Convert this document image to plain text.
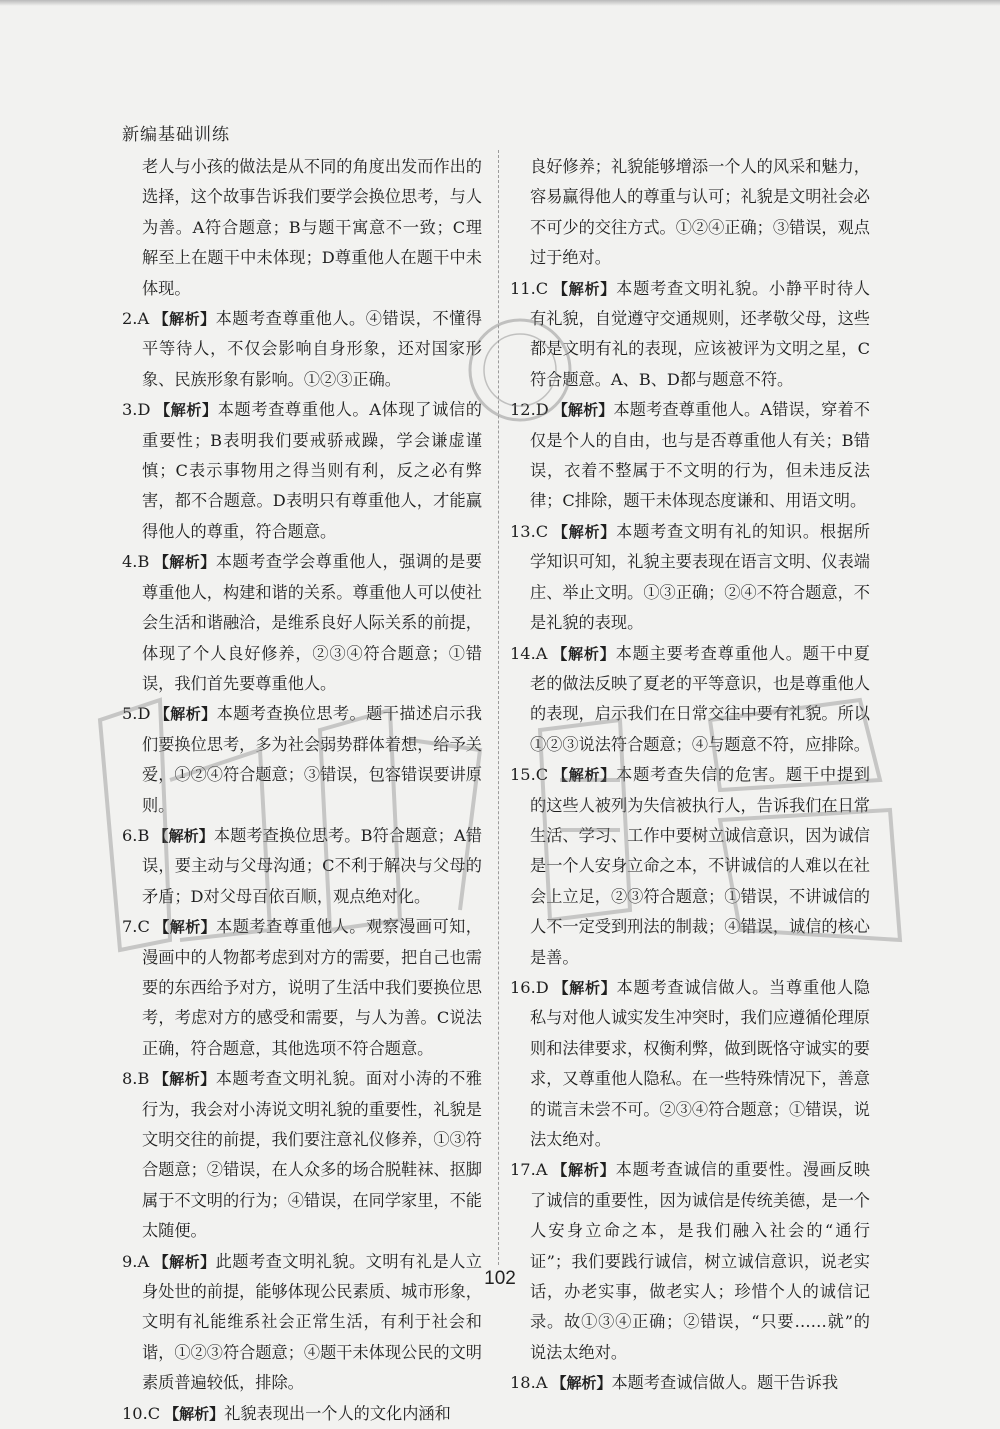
新编基础训练

老人与小孩的做法是从不同的角度出发而作出的选择，这个故事告诉我们要学会换位思考，与人为善。A符合题意；B与题干寓意不一致；C理解至上在题干中未体现；D尊重他人在题干中未体现。

2.A 【解析】本题考查尊重他人。④错误，不懂得平等待人，不仅会影响自身形象，还对国家形象、民族形象有影响。①②③正确。

3.D 【解析】本题考查尊重他人。A体现了诚信的重要性；B表明我们要戒骄戒躁，学会谦虚谨慎；C表示事物用之得当则有利，反之必有弊害，都不合题意。D表明只有尊重他人，才能赢得他人的尊重，符合题意。

4.B 【解析】本题考查学会尊重他人，强调的是要尊重他人，构建和谐的关系。尊重他人可以使社会生活和谐融洽，是维系良好人际关系的前提，体现了个人良好修养，②③④符合题意；①错误，我们首先要尊重他人。

5.D 【解析】本题考查换位思考。题干描述启示我们要换位思考，多为社会弱势群体着想，给予关爱，①②④符合题意；③错误，包容错误要讲原则。

6.B 【解析】本题考查换位思考。B符合题意；A错误，要主动与父母沟通；C不利于解决与父母的矛盾；D对父母百依百顺，观点绝对化。

7.C 【解析】本题考查尊重他人。观察漫画可知，漫画中的人物都考虑到对方的需要，把自己也需要的东西给予对方，说明了生活中我们要换位思考，考虑对方的感受和需要，与人为善。C说法正确，符合题意，其他选项不符合题意。

8.B 【解析】本题考查文明礼貌。面对小涛的不雅行为，我会对小涛说文明礼貌的重要性，礼貌是文明交往的前提，我们要注意礼仪修养，①③符合题意；②错误，在人众多的场合脱鞋袜、抠脚属于不文明的行为；④错误，在同学家里，不能太随便。

9.A 【解析】此题考查文明礼貌。文明有礼是人立身处世的前提，能够体现公民素质、城市形象，文明有礼能维系社会正常生活，有利于社会和谐，①②③符合题意；④题干未体现公民的文明素质普遍较低，排除。

10.C 【解析】礼貌表现出一个人的文化内涵和

良好修养；礼貌能够增添一个人的风采和魅力，容易赢得他人的尊重与认可；礼貌是文明社会必不可少的交往方式。①②④正确；③错误，观点过于绝对。

11.C 【解析】本题考查文明礼貌。小静平时待人有礼貌，自觉遵守交通规则，还孝敬父母，这些都是文明有礼的表现，应该被评为文明之星，C符合题意。A、B、D都与题意不符。

12.D 【解析】本题考查尊重他人。A错误，穿着不仅是个人的自由，也与是否尊重他人有关；B错误，衣着不整属于不文明的行为，但未违反法律；C排除，题干未体现态度谦和、用语文明。

13.C 【解析】本题考查文明有礼的知识。根据所学知识可知，礼貌主要表现在语言文明、仪表端庄、举止文明。①③正确；②④不符合题意，不是礼貌的表现。

14.A 【解析】本题主要考查尊重他人。题干中夏老的做法反映了夏老的平等意识，也是尊重他人的表现，启示我们在日常交往中要有礼貌。所以①②③说法符合题意；④与题意不符，应排除。

15.C 【解析】本题考查失信的危害。题干中提到的这些人被列为失信被执行人，告诉我们在日常生活、学习、工作中要树立诚信意识，因为诚信是一个人安身立命之本，不讲诚信的人难以在社会上立足，②③符合题意；①错误，不讲诚信的人不一定受到刑法的制裁；④错误，诚信的核心是善。

16.D 【解析】本题考查诚信做人。当尊重他人隐私与对他人诚实发生冲突时，我们应遵循伦理原则和法律要求，权衡利弊，做到既恪守诚实的要求，又尊重他人隐私。在一些特殊情况下，善意的谎言未尝不可。②③④符合题意；①错误，说法太绝对。

17.A 【解析】本题考查诚信的重要性。漫画反映了诚信的重要性，因为诚信是传统美德，是一个人安身立命之本，是我们融入社会的“通行证”；我们要践行诚信，树立诚信意识，说老实话，办老实事，做老实人；珍惜个人的诚信记录。故①③④正确；②错误，“只要……就”的说法太绝对。

18.A 【解析】本题考查诚信做人。题干告诉我

102
